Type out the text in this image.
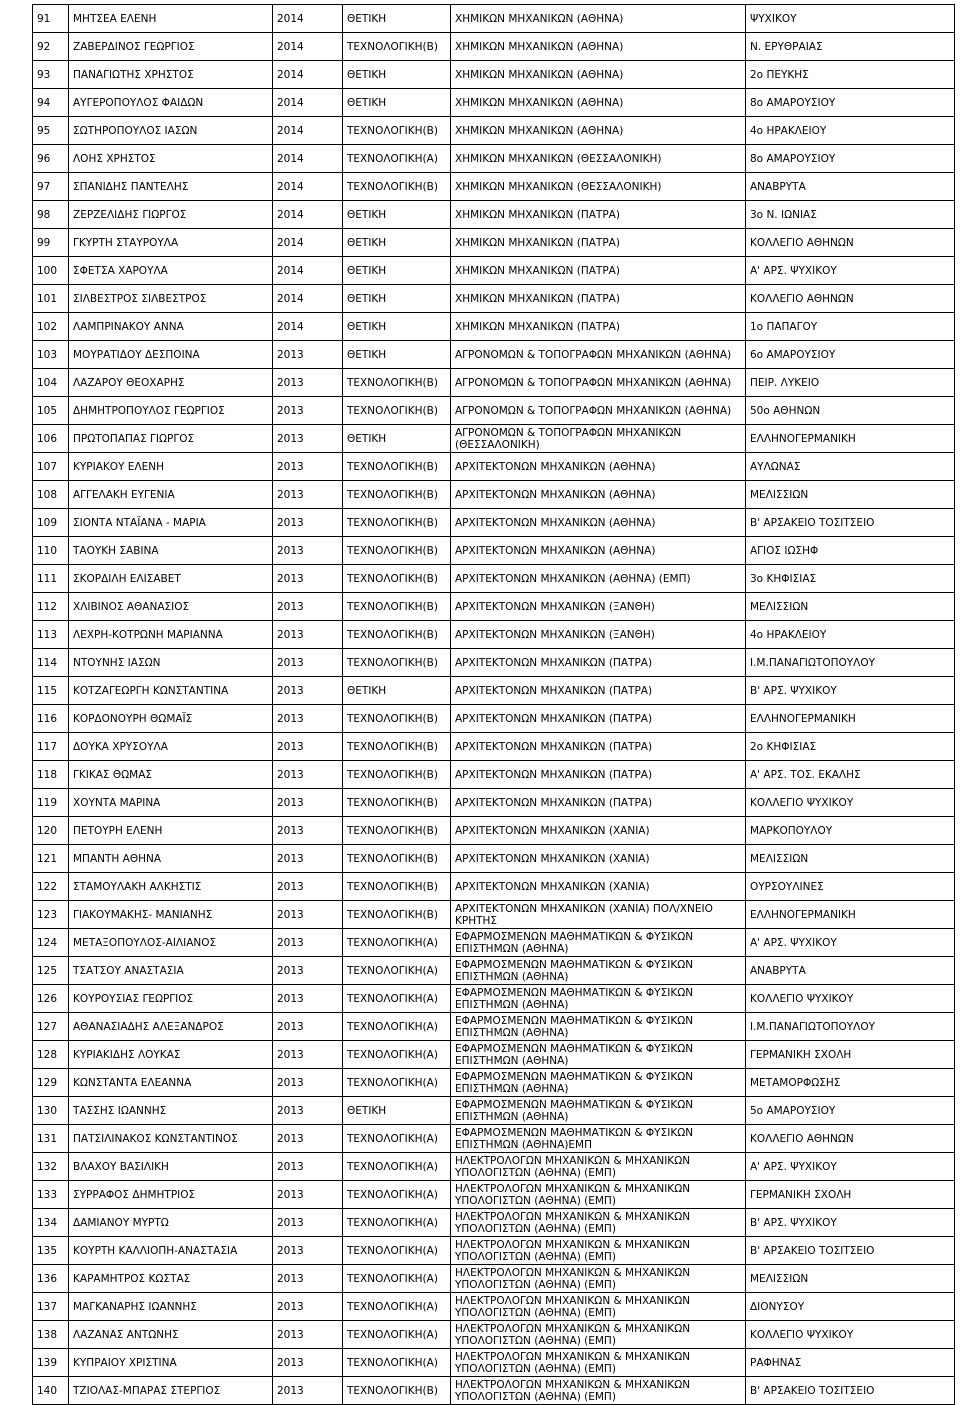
91	ΜΗΤΣΕΑ ΕΛΕΝΗ	2014	ΘΕΤΙΚΗ	ΧΗΜΙΚΩΝ ΜΗΧΑΝΙΚΩΝ (ΑΘΗΝΑ)	ΨΥΧΙΚΟΥ
92	ΖΑΒΕΡΔΙΝΟΣ ΓΕΩΡΓΙΟΣ	2014	ΤΕΧΝΟΛΟΓΙΚΗ(Β)	ΧΗΜΙΚΩΝ ΜΗΧΑΝΙΚΩΝ (ΑΘΗΝΑ)	Ν. ΕΡΥΘΡΑΙΑΣ
93	ΠΑΝΑΓΙΩΤΗΣ ΧΡΗΣΤΟΣ	2014	ΘΕΤΙΚΗ	ΧΗΜΙΚΩΝ ΜΗΧΑΝΙΚΩΝ (ΑΘΗΝΑ)	2ο ΠΕΥΚΗΣ
94	ΑΥΓΕΡΟΠΟΥΛΟΣ ΦΑΙΔΩΝ	2014	ΘΕΤΙΚΗ	ΧΗΜΙΚΩΝ ΜΗΧΑΝΙΚΩΝ (ΑΘΗΝΑ)	8ο ΑΜΑΡΟΥΣΙΟΥ
95	ΣΩΤΗΡΟΠΟΥΛΟΣ ΙΑΣΩΝ	2014	ΤΕΧΝΟΛΟΓΙΚΗ(Β)	ΧΗΜΙΚΩΝ ΜΗΧΑΝΙΚΩΝ (ΑΘΗΝΑ)	4ο ΗΡΑΚΛΕΙΟΥ
96	ΛΟΗΣ ΧΡΗΣΤΟΣ	2014	ΤΕΧΝΟΛΟΓΙΚΗ(Α)	ΧΗΜΙΚΩΝ ΜΗΧΑΝΙΚΩΝ (ΘΕΣΣΑΛΟΝΙΚΗ)	8ο ΑΜΑΡΟΥΣΙΟΥ
97	ΣΠΑΝΙΔΗΣ ΠΑΝΤΕΛΗΣ	2014	ΤΕΧΝΟΛΟΓΙΚΗ(Β)	ΧΗΜΙΚΩΝ ΜΗΧΑΝΙΚΩΝ (ΘΕΣΣΑΛΟΝΙΚΗ)	ΑΝΑΒΡΥΤΑ
98	ΖΕΡΖΕΛΙΔΗΣ ΓΙΩΡΓΟΣ	2014	ΘΕΤΙΚΗ	ΧΗΜΙΚΩΝ ΜΗΧΑΝΙΚΩΝ (ΠΑΤΡΑ)	3ο Ν. ΙΩΝΙΑΣ
99	ΓΚΥΡΤΗ ΣΤΑΥΡΟΥΛΑ	2014	ΘΕΤΙΚΗ	ΧΗΜΙΚΩΝ ΜΗΧΑΝΙΚΩΝ (ΠΑΤΡΑ)	ΚΟΛΛΕΓΙΟ ΑΘΗΝΩΝ
100	ΣΦΕΤΣΑ ΧΑΡΟΥΛΑ	2014	ΘΕΤΙΚΗ	ΧΗΜΙΚΩΝ ΜΗΧΑΝΙΚΩΝ (ΠΑΤΡΑ)	Α' ΑΡΣ. ΨΥΧΙΚΟΥ
101	ΣΙΛΒΕΣΤΡΟΣ ΣΙΛΒΕΣΤΡΟΣ	2014	ΘΕΤΙΚΗ	ΧΗΜΙΚΩΝ ΜΗΧΑΝΙΚΩΝ (ΠΑΤΡΑ)	ΚΟΛΛΕΓΙΟ ΑΘΗΝΩΝ
102	ΛΑΜΠΡΙΝΑΚΟΥ ΑΝΝΑ	2014	ΘΕΤΙΚΗ	ΧΗΜΙΚΩΝ ΜΗΧΑΝΙΚΩΝ (ΠΑΤΡΑ)	1ο ΠΑΠΑΓΟΥ
103	ΜΟΥΡΑΤΙΔΟΥ ΔΕΣΠΟΙΝΑ	2013	ΘΕΤΙΚΗ	ΑΓΡΟΝΟΜΩΝ & ΤΟΠΟΓΡΑΦΩΝ ΜΗΧΑΝΙΚΩΝ (ΑΘΗΝΑ)	6ο ΑΜΑΡΟΥΣΙΟΥ
104	ΛΑΖΑΡΟΥ ΘΕΟΧΑΡΗΣ	2013	ΤΕΧΝΟΛΟΓΙΚΗ(Β)	ΑΓΡΟΝΟΜΩΝ & ΤΟΠΟΓΡΑΦΩΝ ΜΗΧΑΝΙΚΩΝ (ΑΘΗΝΑ)	ΠΕΙΡ. ΛΥΚΕΙΟ
105	ΔΗΜΗΤΡΟΠΟΥΛΟΣ ΓΕΩΡΓΙΟΣ	2013	ΤΕΧΝΟΛΟΓΙΚΗ(Β)	ΑΓΡΟΝΟΜΩΝ & ΤΟΠΟΓΡΑΦΩΝ ΜΗΧΑΝΙΚΩΝ (ΑΘΗΝΑ)	50ο ΑΘΗΝΩΝ
106	ΠΡΩΤΟΠΑΠΑΣ ΓΙΩΡΓΟΣ	2013	ΘΕΤΙΚΗ	ΑΓΡΟΝΟΜΩΝ & ΤΟΠΟΓΡΑΦΩΝ ΜΗΧΑΝΙΚΩΝ (ΘΕΣΣΑΛΟΝΙΚΗ)	ΕΛΛΗΝΟΓΕΡΜΑΝΙΚΗ
107	ΚΥΡΙΑΚΟΥ ΕΛΕΝΗ	2013	ΤΕΧΝΟΛΟΓΙΚΗ(Β)	ΑΡΧΙΤΕΚΤΟΝΩΝ ΜΗΧΑΝΙΚΩΝ (ΑΘΗΝΑ)	ΑΥΛΩΝΑΣ
108	ΑΓΓΕΛΑΚΗ ΕΥΓΕΝΙΑ	2013	ΤΕΧΝΟΛΟΓΙΚΗ(Β)	ΑΡΧΙΤΕΚΤΟΝΩΝ ΜΗΧΑΝΙΚΩΝ (ΑΘΗΝΑ)	ΜΕΛΙΣΣΙΩΝ
109	ΣΙΟΝΤΑ ΝΤΑΪΑΝΑ - ΜΑΡΙΑ	2013	ΤΕΧΝΟΛΟΓΙΚΗ(Β)	ΑΡΧΙΤΕΚΤΟΝΩΝ ΜΗΧΑΝΙΚΩΝ (ΑΘΗΝΑ)	Β' ΑΡΣΑΚΕΙΟ ΤΟΣΙΤΣΕΙΟ
110	ΤΑΟΥΚΗ ΣΑΒΙΝΑ	2013	ΤΕΧΝΟΛΟΓΙΚΗ(Β)	ΑΡΧΙΤΕΚΤΟΝΩΝ ΜΗΧΑΝΙΚΩΝ (ΑΘΗΝΑ)	ΑΓΙΟΣ ΙΩΣΗΦ
111	ΣΚΟΡΔΙΛΗ ΕΛΙΣΑΒΕΤ	2013	ΤΕΧΝΟΛΟΓΙΚΗ(Β)	ΑΡΧΙΤΕΚΤΟΝΩΝ ΜΗΧΑΝΙΚΩΝ (ΑΘΗΝΑ) (ΕΜΠ)	3ο ΚΗΦΙΣΙΑΣ
112	ΧΛΙΒΙΝΟΣ ΑΘΑΝΑΣΙΟΣ	2013	ΤΕΧΝΟΛΟΓΙΚΗ(Β)	ΑΡΧΙΤΕΚΤΟΝΩΝ ΜΗΧΑΝΙΚΩΝ (ΞΑΝΘΗ)	ΜΕΛΙΣΣΙΩΝ
113	ΛΕΧΡΗ-ΚΟΤΡΩΝΗ ΜΑΡΙΑΝΝΑ	2013	ΤΕΧΝΟΛΟΓΙΚΗ(Β)	ΑΡΧΙΤΕΚΤΟΝΩΝ ΜΗΧΑΝΙΚΩΝ (ΞΑΝΘΗ)	4ο ΗΡΑΚΛΕΙΟΥ
114	ΝΤΟΥΝΗΣ ΙΑΣΩΝ	2013	ΤΕΧΝΟΛΟΓΙΚΗ(Β)	ΑΡΧΙΤΕΚΤΟΝΩΝ ΜΗΧΑΝΙΚΩΝ (ΠΑΤΡΑ)	Ι.Μ.ΠΑΝΑΓΙΩΤΟΠΟΥΛΟΥ
115	ΚΟΤΖΑΓΕΩΡΓΗ ΚΩΝΣΤΑΝΤΙΝΑ	2013	ΘΕΤΙΚΗ	ΑΡΧΙΤΕΚΤΟΝΩΝ ΜΗΧΑΝΙΚΩΝ (ΠΑΤΡΑ)	Β' ΑΡΣ. ΨΥΧΙΚΟΥ
116	ΚΟΡΔΟΝΟΥΡΗ ΘΩΜΑΪΣ	2013	ΤΕΧΝΟΛΟΓΙΚΗ(Β)	ΑΡΧΙΤΕΚΤΟΝΩΝ ΜΗΧΑΝΙΚΩΝ (ΠΑΤΡΑ)	ΕΛΛΗΝΟΓΕΡΜΑΝΙΚΗ
117	ΔΟΥΚΑ ΧΡΥΣΟΥΛΑ	2013	ΤΕΧΝΟΛΟΓΙΚΗ(Β)	ΑΡΧΙΤΕΚΤΟΝΩΝ ΜΗΧΑΝΙΚΩΝ (ΠΑΤΡΑ)	2ο ΚΗΦΙΣΙΑΣ
118	ΓΚΙΚΑΣ ΘΩΜΑΣ	2013	ΤΕΧΝΟΛΟΓΙΚΗ(Β)	ΑΡΧΙΤΕΚΤΟΝΩΝ ΜΗΧΑΝΙΚΩΝ (ΠΑΤΡΑ)	Α' ΑΡΣ. ΤΟΣ. ΕΚΑΛΗΣ
119	ΧΟΥΝΤΑ ΜΑΡΙΝΑ	2013	ΤΕΧΝΟΛΟΓΙΚΗ(Β)	ΑΡΧΙΤΕΚΤΟΝΩΝ ΜΗΧΑΝΙΚΩΝ (ΠΑΤΡΑ)	ΚΟΛΛΕΓΙΟ ΨΥΧΙΚΟΥ
120	ΠΕΤΟΥΡΗ ΕΛΕΝΗ	2013	ΤΕΧΝΟΛΟΓΙΚΗ(Β)	ΑΡΧΙΤΕΚΤΟΝΩΝ ΜΗΧΑΝΙΚΩΝ (ΧΑΝΙΑ)	ΜΑΡΚΟΠΟΥΛΟΥ
121	ΜΠΑΝΤΗ ΑΘΗΝΑ	2013	ΤΕΧΝΟΛΟΓΙΚΗ(Β)	ΑΡΧΙΤΕΚΤΟΝΩΝ ΜΗΧΑΝΙΚΩΝ (ΧΑΝΙΑ)	ΜΕΛΙΣΣΙΩΝ
122	ΣΤΑΜΟΥΛΑΚΗ ΑΛΚΗΣΤΙΣ	2013	ΤΕΧΝΟΛΟΓΙΚΗ(Β)	ΑΡΧΙΤΕΚΤΟΝΩΝ ΜΗΧΑΝΙΚΩΝ (ΧΑΝΙΑ)	ΟΥΡΣΟΥΛΙΝΕΣ
123	ΓΙΑΚΟΥΜΑΚΗΣ- ΜΑΝΙΑΝΗΣ	2013	ΤΕΧΝΟΛΟΓΙΚΗ(Β)	ΑΡΧΙΤΕΚΤΟΝΩΝ ΜΗΧΑΝΙΚΩΝ (ΧΑΝΙΑ) ΠΟΛ/ΧΝΕΙΟ ΚΡΗΤΗΣ	ΕΛΛΗΝΟΓΕΡΜΑΝΙΚΗ
124	ΜΕΤΑΞΟΠΟΥΛΟΣ-ΑΙΛΙΑΝΟΣ	2013	ΤΕΧΝΟΛΟΓΙΚΗ(Α)	ΕΦΑΡΜΟΣΜΕΝΩΝ ΜΑΘΗΜΑΤΙΚΩΝ & ΦΥΣΙΚΩΝ ΕΠΙΣΤΗΜΩΝ (ΑΘΗΝΑ)	Α' ΑΡΣ. ΨΥΧΙΚΟΥ
125	ΤΣΑΤΣΟΥ ΑΝΑΣΤΑΣΙΑ	2013	ΤΕΧΝΟΛΟΓΙΚΗ(Α)	ΕΦΑΡΜΟΣΜΕΝΩΝ ΜΑΘΗΜΑΤΙΚΩΝ & ΦΥΣΙΚΩΝ ΕΠΙΣΤΗΜΩΝ (ΑΘΗΝΑ)	ΑΝΑΒΡΥΤΑ
126	ΚΟΥΡΟΥΣΙΑΣ ΓΕΩΡΓΙΟΣ	2013	ΤΕΧΝΟΛΟΓΙΚΗ(Α)	ΕΦΑΡΜΟΣΜΕΝΩΝ ΜΑΘΗΜΑΤΙΚΩΝ & ΦΥΣΙΚΩΝ ΕΠΙΣΤΗΜΩΝ (ΑΘΗΝΑ)	ΚΟΛΛΕΓΙΟ ΨΥΧΙΚΟΥ
127	ΑΘΑΝΑΣΙΑΔΗΣ ΑΛΕΞΑΝΔΡΟΣ	2013	ΤΕΧΝΟΛΟΓΙΚΗ(Α)	ΕΦΑΡΜΟΣΜΕΝΩΝ ΜΑΘΗΜΑΤΙΚΩΝ & ΦΥΣΙΚΩΝ ΕΠΙΣΤΗΜΩΝ (ΑΘΗΝΑ)	Ι.Μ.ΠΑΝΑΓΙΩΤΟΠΟΥΛΟΥ
128	ΚΥΡΙΑΚΙΔΗΣ ΛΟΥΚΑΣ	2013	ΤΕΧΝΟΛΟΓΙΚΗ(Α)	ΕΦΑΡΜΟΣΜΕΝΩΝ ΜΑΘΗΜΑΤΙΚΩΝ & ΦΥΣΙΚΩΝ ΕΠΙΣΤΗΜΩΝ (ΑΘΗΝΑ)	ΓΕΡΜΑΝΙΚΗ ΣΧΟΛΗ
129	ΚΩΝΣΤΑΝΤΑ ΕΛΕΑΝΝΑ	2013	ΤΕΧΝΟΛΟΓΙΚΗ(Α)	ΕΦΑΡΜΟΣΜΕΝΩΝ ΜΑΘΗΜΑΤΙΚΩΝ & ΦΥΣΙΚΩΝ ΕΠΙΣΤΗΜΩΝ (ΑΘΗΝΑ)	ΜΕΤΑΜΟΡΦΩΣΗΣ
130	ΤΑΣΣΗΣ ΙΩΑΝΝΗΣ	2013	ΘΕΤΙΚΗ	ΕΦΑΡΜΟΣΜΕΝΩΝ ΜΑΘΗΜΑΤΙΚΩΝ & ΦΥΣΙΚΩΝ ΕΠΙΣΤΗΜΩΝ (ΑΘΗΝΑ)	5ο ΑΜΑΡΟΥΣΙΟΥ
131	ΠΑΤΣΙΛΙΝΑΚΟΣ ΚΩΝΣΤΑΝΤΙΝΟΣ	2013	ΤΕΧΝΟΛΟΓΙΚΗ(Α)	ΕΦΑΡΜΟΣΜΕΝΩΝ ΜΑΘΗΜΑΤΙΚΩΝ & ΦΥΣΙΚΩΝ ΕΠΙΣΤΗΜΩΝ (ΑΘΗΝΑ)ΕΜΠ	ΚΟΛΛΕΓΙΟ ΑΘΗΝΩΝ
132	ΒΛΑΧΟΥ ΒΑΣΙΛΙΚΗ	2013	ΤΕΧΝΟΛΟΓΙΚΗ(Α)	ΗΛΕΚΤΡΟΛΟΓΩΝ ΜΗΧΑΝΙΚΩΝ & ΜΗΧΑΝΙΚΩΝ ΥΠΟΛΟΓΙΣΤΩΝ (ΑΘΗΝΑ) (ΕΜΠ)	Α' ΑΡΣ. ΨΥΧΙΚΟΥ
133	ΣΥΡΡΑΦΟΣ ΔΗΜΗΤΡΙΟΣ	2013	ΤΕΧΝΟΛΟΓΙΚΗ(Α)	ΗΛΕΚΤΡΟΛΟΓΩΝ ΜΗΧΑΝΙΚΩΝ & ΜΗΧΑΝΙΚΩΝ ΥΠΟΛΟΓΙΣΤΩΝ (ΑΘΗΝΑ) (ΕΜΠ)	ΓΕΡΜΑΝΙΚΗ ΣΧΟΛΗ
134	ΔΑΜΙΑΝΟΥ ΜΥΡΤΩ	2013	ΤΕΧΝΟΛΟΓΙΚΗ(Α)	ΗΛΕΚΤΡΟΛΟΓΩΝ ΜΗΧΑΝΙΚΩΝ & ΜΗΧΑΝΙΚΩΝ ΥΠΟΛΟΓΙΣΤΩΝ (ΑΘΗΝΑ) (ΕΜΠ)	Β' ΑΡΣ. ΨΥΧΙΚΟΥ
135	ΚΟΥΡΤΗ ΚΑΛΛΙΟΠΗ-ΑΝΑΣΤΑΣΙΑ	2013	ΤΕΧΝΟΛΟΓΙΚΗ(Α)	ΗΛΕΚΤΡΟΛΟΓΩΝ ΜΗΧΑΝΙΚΩΝ & ΜΗΧΑΝΙΚΩΝ ΥΠΟΛΟΓΙΣΤΩΝ (ΑΘΗΝΑ) (ΕΜΠ)	Β' ΑΡΣΑΚΕΙΟ ΤΟΣΙΤΣΕΙΟ
136	ΚΑΡΑΜΗΤΡΟΣ ΚΩΣΤΑΣ	2013	ΤΕΧΝΟΛΟΓΙΚΗ(Α)	ΗΛΕΚΤΡΟΛΟΓΩΝ ΜΗΧΑΝΙΚΩΝ & ΜΗΧΑΝΙΚΩΝ ΥΠΟΛΟΓΙΣΤΩΝ (ΑΘΗΝΑ) (ΕΜΠ)	ΜΕΛΙΣΣΙΩΝ
137	ΜΑΓΚΑΝΑΡΗΣ ΙΩΑΝΝΗΣ	2013	ΤΕΧΝΟΛΟΓΙΚΗ(Α)	ΗΛΕΚΤΡΟΛΟΓΩΝ ΜΗΧΑΝΙΚΩΝ & ΜΗΧΑΝΙΚΩΝ ΥΠΟΛΟΓΙΣΤΩΝ (ΑΘΗΝΑ) (ΕΜΠ)	ΔΙΟΝΥΣΟΥ
138	ΛΑΖΑΝΑΣ ΑΝΤΩΝΗΣ	2013	ΤΕΧΝΟΛΟΓΙΚΗ(Α)	ΗΛΕΚΤΡΟΛΟΓΩΝ ΜΗΧΑΝΙΚΩΝ & ΜΗΧΑΝΙΚΩΝ ΥΠΟΛΟΓΙΣΤΩΝ (ΑΘΗΝΑ) (ΕΜΠ)	ΚΟΛΛΕΓΙΟ ΨΥΧΙΚΟΥ
139	ΚΥΠΡΑΙΟΥ ΧΡΙΣΤΙΝΑ	2013	ΤΕΧΝΟΛΟΓΙΚΗ(Α)	ΗΛΕΚΤΡΟΛΟΓΩΝ ΜΗΧΑΝΙΚΩΝ & ΜΗΧΑΝΙΚΩΝ ΥΠΟΛΟΓΙΣΤΩΝ (ΑΘΗΝΑ) (ΕΜΠ)	ΡΑΦΗΝΑΣ
140	ΤΖΙΟΛΑΣ-ΜΠΑΡΑΣ ΣΤΕΡΓΙΟΣ	2013	ΤΕΧΝΟΛΟΓΙΚΗ(Β)	ΗΛΕΚΤΡΟΛΟΓΩΝ ΜΗΧΑΝΙΚΩΝ & ΜΗΧΑΝΙΚΩΝ ΥΠΟΛΟΓΙΣΤΩΝ (ΑΘΗΝΑ) (ΕΜΠ)	Β' ΑΡΣΑΚΕΙΟ ΤΟΣΙΤΣΕΙΟ
